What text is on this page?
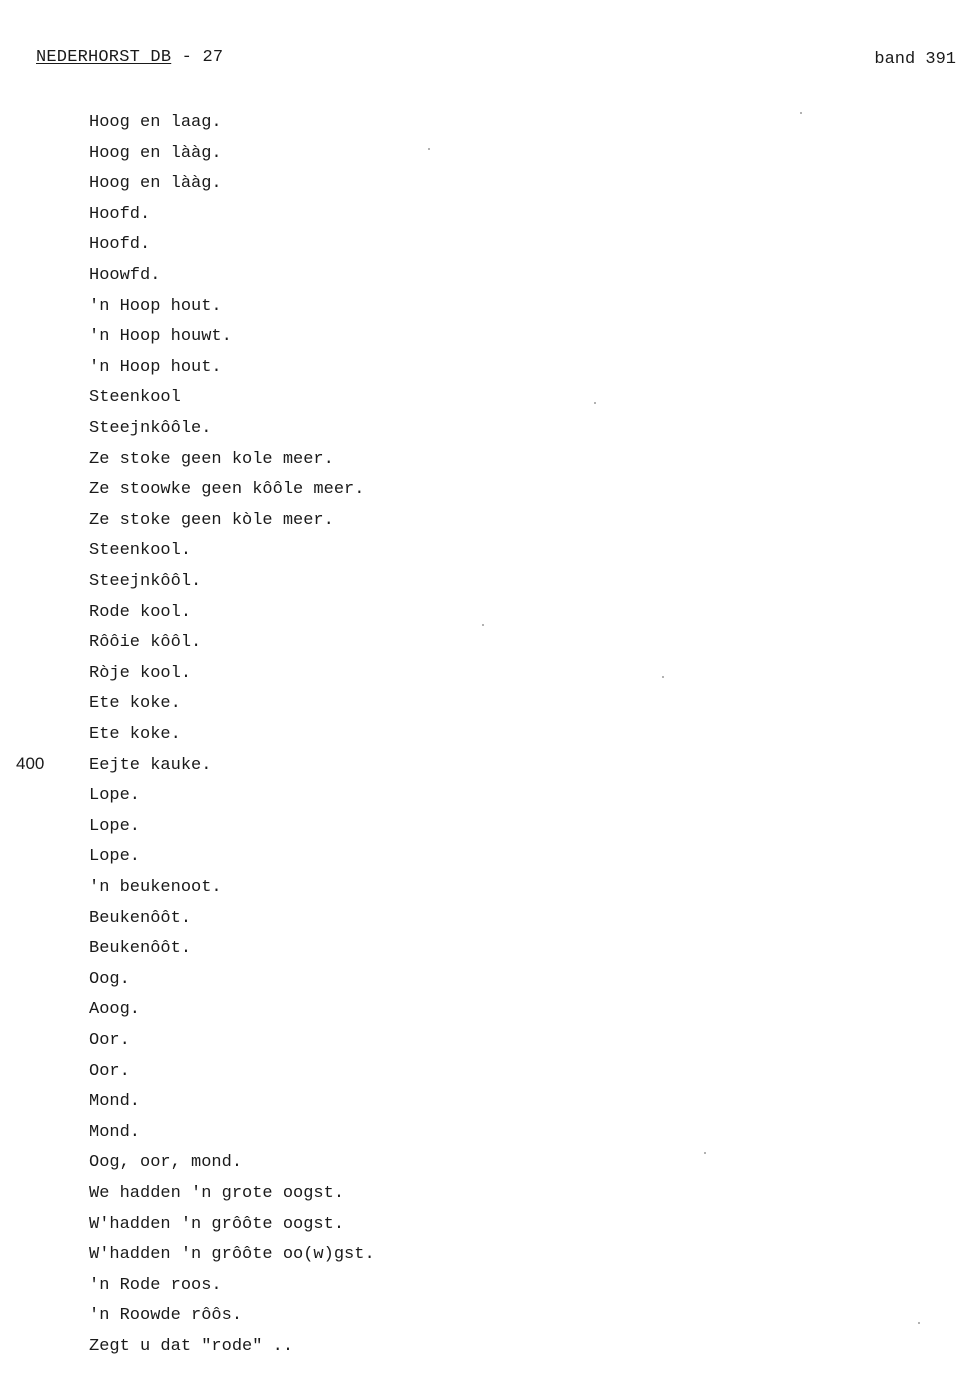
NEDERHORST DB - 27	band 391
400
Hoog en laag.
Hoog en lààg.
Hoog en lààg.
Hoofd.
Hoofd.
Hoowfd.
'n Hoop hout.
'n Hoop houwt.
'n Hoop hout.
Steenkool
Steejnkôôle.
Ze stoke geen kole meer.
Ze stoowke geen kôôle meer.
Ze stoke geen kòle meer.
Steenkool.
Steejnkôôl.
Rode kool.
Rôôie kôôl.
Ròje kool.
Ete koke.
Ete koke.
Eejte kauke.
Lope.
Lope.
Lope.
'n beukenoot.
Beukenôôt.
Beukenôôt.
Oog.
Aoog.
Oor.
Oor.
Mond.
Mond.
Oog, oor, mond.
We hadden 'n grote oogst.
W'hadden 'n grôôte oogst.
W'hadden 'n grôôte oo(w)gst.
'n Rode roos.
'n Roowde rôôs.
Zegt u dat "rode" ..
